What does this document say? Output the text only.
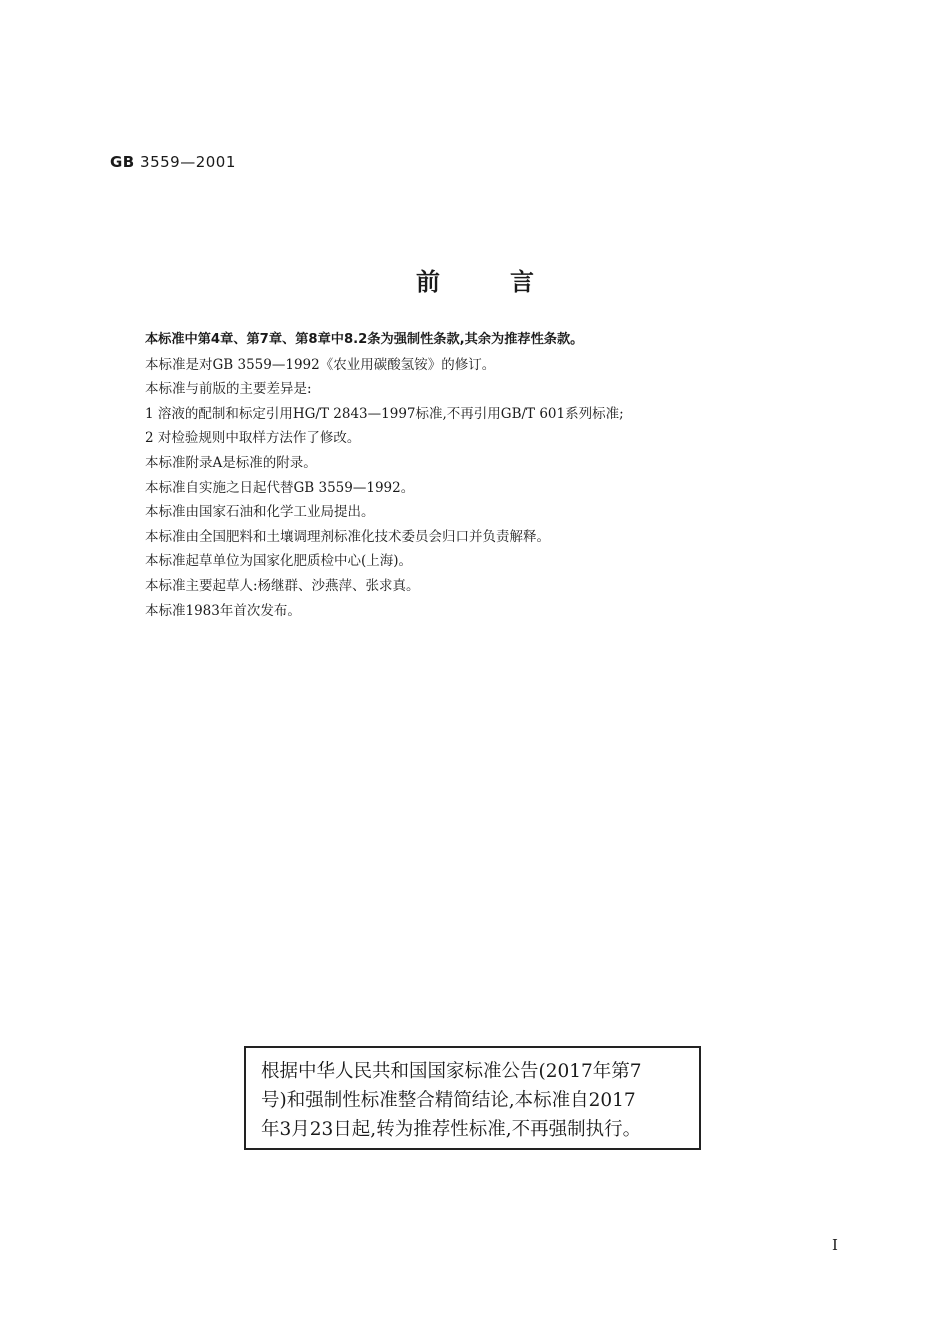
GB 3559—2001
前	言
本标准中第4章、第7章、第8章中8.2条为强制性条款,其余为推荐性条款。
本标准是对GB 3559—1992《农业用碳酸氢铵》的修订。
本标准与前版的主要差异是:
1 溶液的配制和标定引用HG/T 2843—1997标准,不再引用GB/T 601系列标准;
2 对检验规则中取样方法作了修改。
本标准附录A是标准的附录。
本标准自实施之日起代替GB 3559—1992。
本标准由国家石油和化学工业局提出。
本标准由全国肥料和土壤调理剂标准化技术委员会归口并负责解释。
本标准起草单位为国家化肥质检中心(上海)。
本标准主要起草人:杨继群、沙燕萍、张求真。
本标准1983年首次发布。
根据中华人民共和国国家标准公告(2017年第7
号)和强制性标准整合精简结论,本标准自2017
年3月23日起,转为推荐性标准,不再强制执行。
I
